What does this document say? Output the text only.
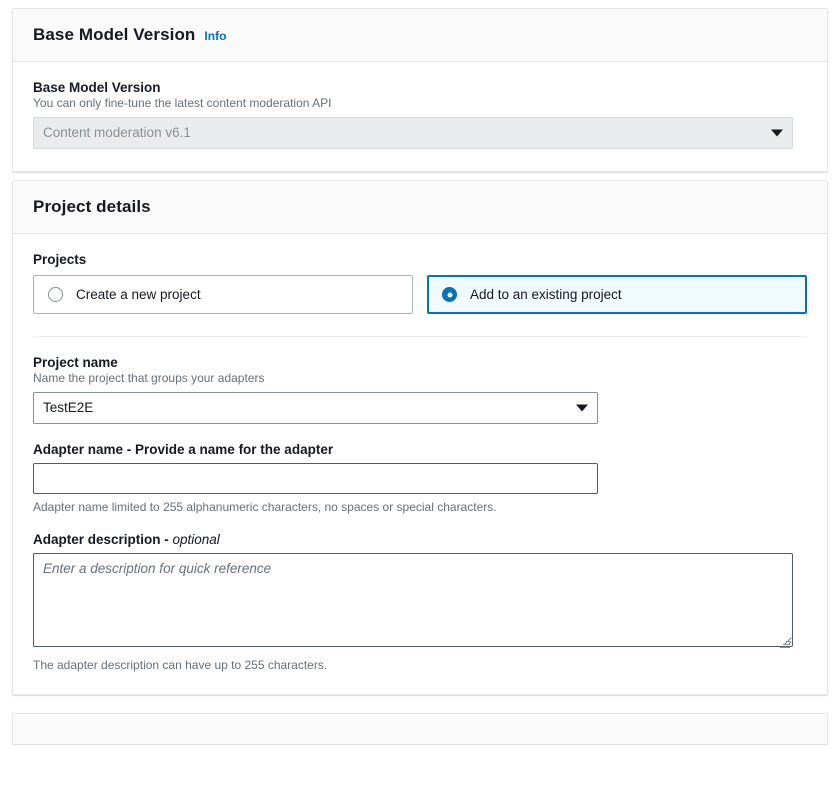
Base Model Version Info
Base Model Version
You can only fine-tune the latest content moderation API
Content moderation v6.1
Project details
Projects
Create a new project	Add to an existing project
Project name
Name the project that groups your adapters
TestE2E
Adapter name - Provide a name for the adapter
Adapter name limited to 255 alphanumeric characters, no spaces or special characters.
Adapter description - optional
Enter a description for quick reference
The adapter description can have up to 255 characters.
